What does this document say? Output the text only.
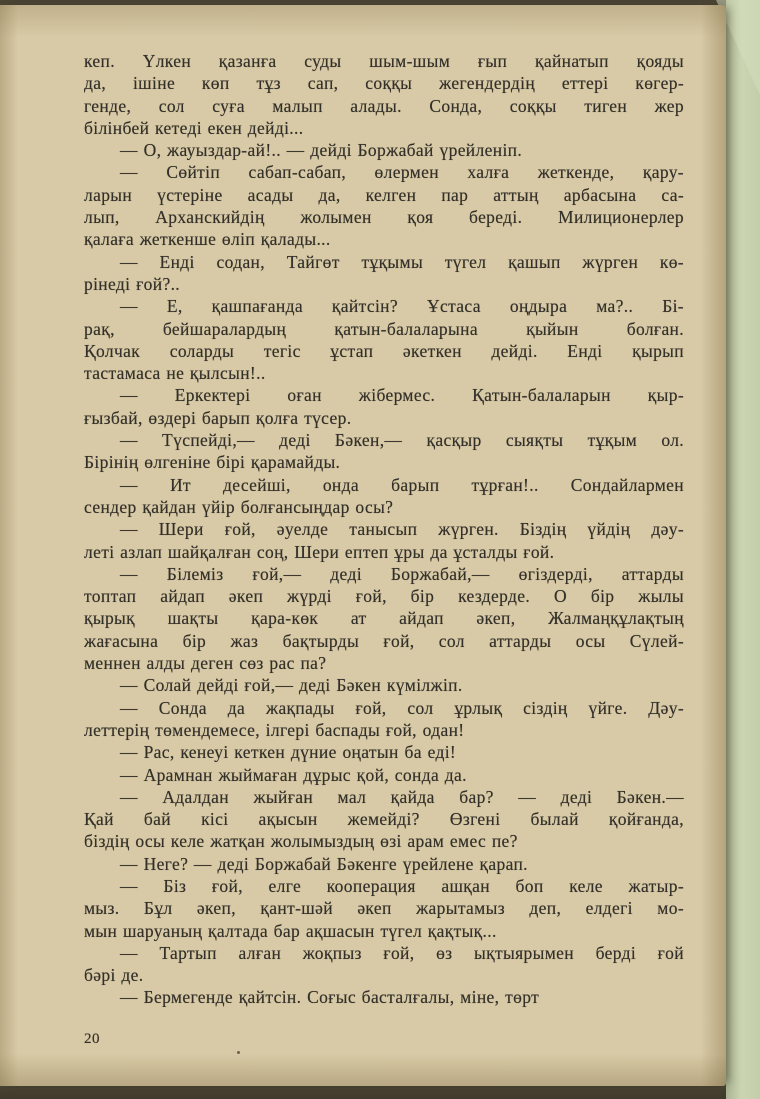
кеп. Үлкен қазанға суды шым-шым ғып қайнатып қояды
да, ішіне көп тұз сап, соққы жегендердің еттері көгер-
генде, сол суға малып алады. Сонда, соққы тиген жер
білінбей кетеді екен дейді...
— О, жауыздар-ай!.. — дейді Боржабай үрейленіп.
— Сөйтіп сабап-сабап, өлермен халға жеткенде, қару-
ларын үстеріне асады да, келген пар аттың арбасына са-
лып, Арханскийдің жолымен қоя береді. Милиционерлер
қалаға жеткенше өліп қалады...
— Енді содан, Тайгөт тұқымы түгел қашып жүрген кө-
рінеді ғой?..
— Е, қашпағанда қайтсін? Ұстаса оңдыра ма?.. Бі-
рақ, бейшаралардың қатын-балаларына қыйын болған.
Қолчак соларды тегіс ұстап әкеткен дейді. Енді қырып
тастамаса не қылсын!..
— Еркектері оған жібермес. Қатын-балаларын қыр-
ғызбай, өздері барып қолға түсер.
— Түспейді,— деді Бәкен,— қасқыр сыяқты тұқым ол.
Бірінің өлгеніне бірі қарамайды.
— Ит десейші, онда барып тұрған!.. Сондайлармен
сендер қайдан үйір болғансыңдар осы?
— Шери ғой, әуелде танысып жүрген. Біздің үйдің дәу-
леті азлап шайқалған соң, Шери ептеп ұры да ұсталды ғой.
— Білеміз ғой,— деді Боржабай,— өгіздерді, аттарды
топтап айдап әкеп жүрді ғой, бір кездерде. О бір жылы
қырық шақты қара-көк ат айдап әкеп, Жалмаңқұлақтың
жағасына бір жаз бақтырды ғой, сол аттарды осы Сүлей-
меннен алды деген сөз рас па?
— Солай дейді ғой,— деді Бәкен күмілжіп.
— Сонда да жақпады ғой, сол ұрлық сіздің үйге. Дәу-
леттерің төмендемесе, ілгері баспады ғой, одан!
— Рас, кенеуі кеткен дүние оңатын ба еді!
— Арамнан жыймаған дұрыс қой, сонда да.
— Адалдан жыйған мал қайда бар? — деді Бәкен.—
Қай бай кісі ақысын жемейді? Өзгені былай қойғанда,
біздің осы келе жатқан жолымыздың өзі арам емес пе?
— Неге? — деді Боржабай Бәкенге үрейлене қарап.
— Біз ғой, елге кооперация ашқан боп келе жатыр-
мыз. Бұл әкеп, қант-шәй әкеп жарытамыз деп, елдегі мо-
мын шаруаның қалтада бар ақшасын түгел қақтық...
— Тартып алған жоқпыз ғой, өз ықтыярымен берді ғой
бәрі де.
— Бермегенде қайтсін. Соғыс басталғалы, міне, төрт
20
